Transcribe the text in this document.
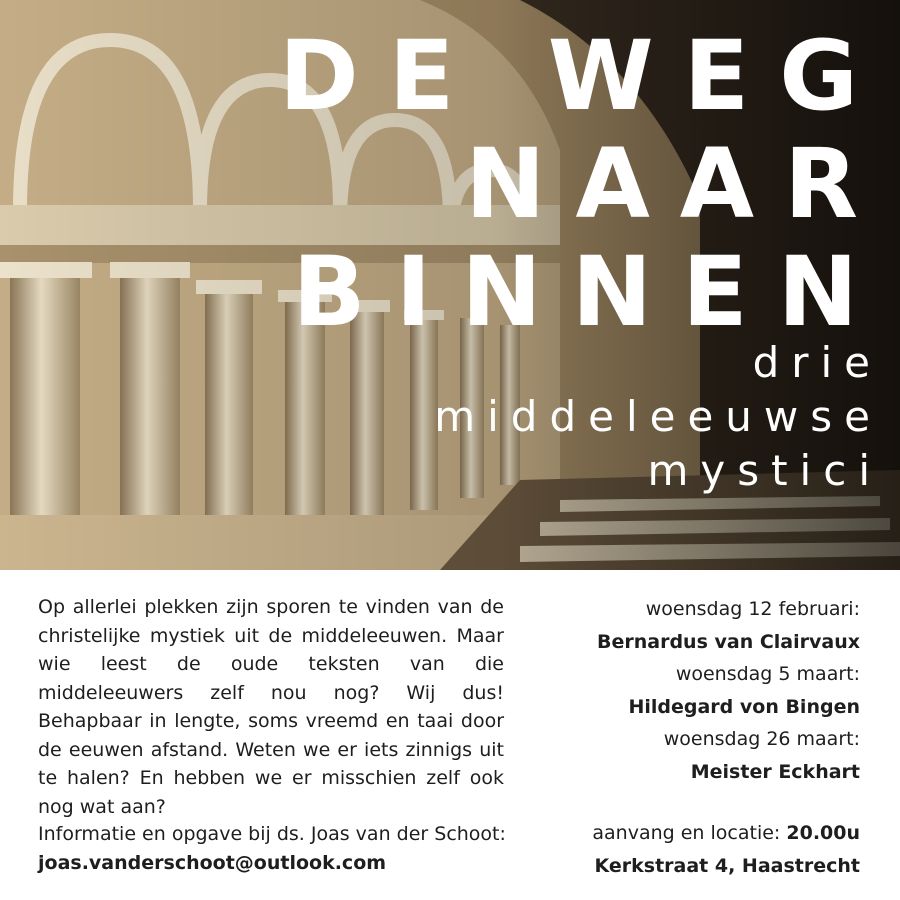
DE WEG
NAAR
BINNEN
drie
middeleeuwse
mystici

Op allerlei plekken zijn sporen te vinden van de christelijke mystiek uit de middeleeuwen. Maar wie leest de oude teksten van die middeleeuwers zelf nou nog? Wij dus! Behapbaar in lengte, soms vreemd en taai door de eeuwen afstand. Weten we er iets zinnigs uit te halen? En hebben we er misschien zelf ook nog wat aan?

Informatie en opgave bij ds. Joas van der Schoot: joas.vanderschoot@outlook.com

woensdag 12 februari:
Bernardus van Clairvaux
woensdag 5 maart:
Hildegard von Bingen
woensdag 26 maart:
Meister Eckhart
aanvang en locatie: 20.00u
Kerkstraat 4, Haastrecht
